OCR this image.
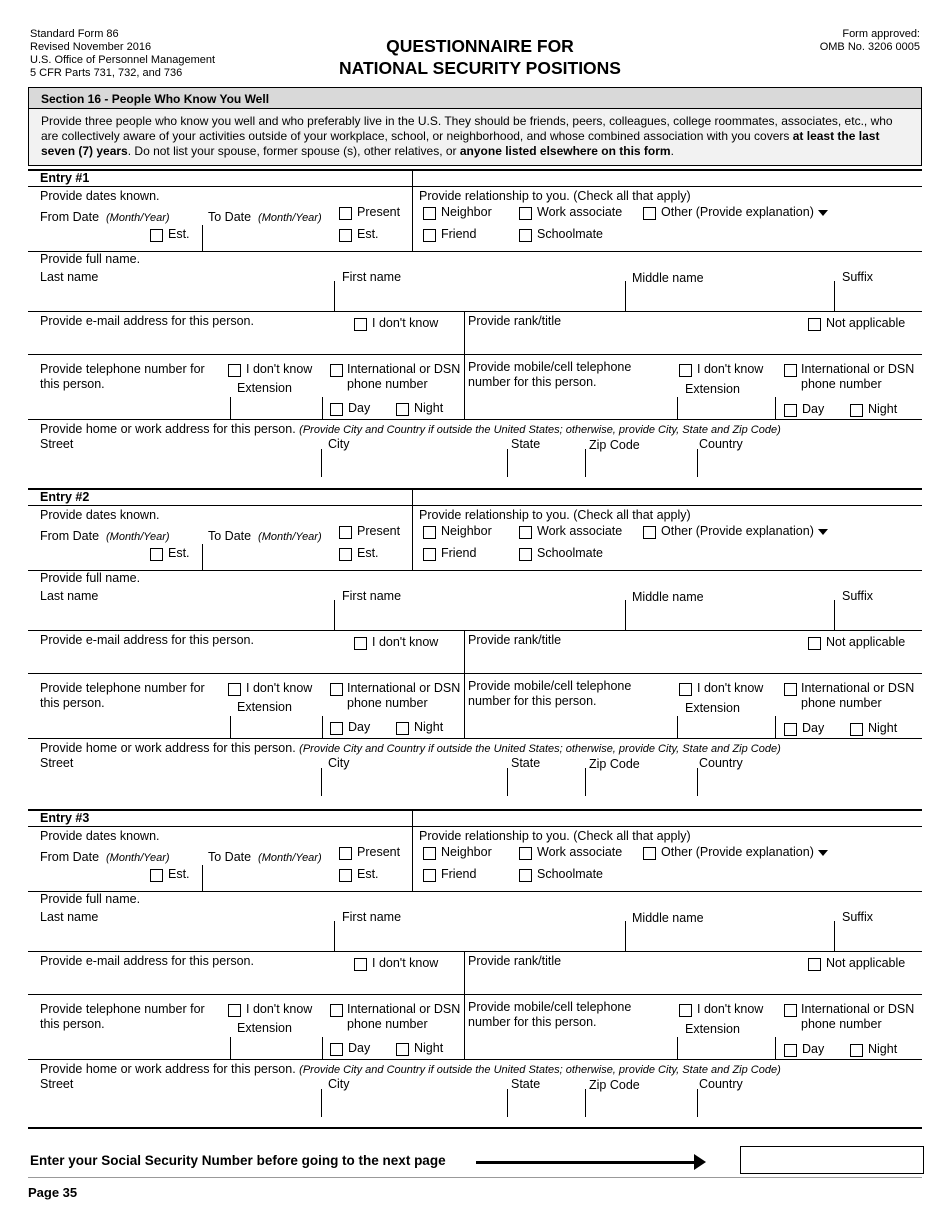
Standard Form 86
Revised November 2016
U.S. Office of Personnel Management
5 CFR Parts 731, 732, and 736
QUESTIONNAIRE FOR
NATIONAL SECURITY POSITIONS
Form approved:
OMB No. 3206 0005
Section 16 - People Who Know You Well
Provide three people who know you well and who preferably live in the U.S. They should be friends, peers, colleagues, college roommates, associates, etc., who are collectively aware of your activities outside of your workplace, school, or neighborhood, and whose combined association with you covers at least the last seven (7) years. Do not list your spouse, former spouse (s), other relatives, or anyone listed elsewhere on this form.
Entry #1
Provide dates known.
From Date (Month/Year)
Est.
To Date (Month/Year)	Present
Est.
Provide relationship to you. (Check all that apply)
Neighbor
Friend
Work associate
Schoolmate
Other (Provide explanation)
Provide full name.
Last name	First name	Middle name	Suffix
Provide e-mail address for this person.	I don't know Provide rank/title	Not applicable
Provide telephone number for
this person.
I don't know
Extension
International or DSN
phone number
Day	Night
Provide mobile/cell telephone
number for this person.
I don't know
Extension
International or DSN
phone number
Day	Night
Provide home or work address for this person. (Provide City and Country if outside the United States; otherwise, provide City, State and Zip Code)
Street	City	State	Zip Code	Country
Entry #2
Provide dates known.
From Date (Month/Year)
Est.
To Date (Month/Year)	Present
Est.
Provide relationship to you. (Check all that apply)
Neighbor
Friend
Work associate
Schoolmate
Other (Provide explanation)
Provide full name.
Last name	First name	Middle name	Suffix
Provide e-mail address for this person.	I don't know Provide rank/title	Not applicable
Provide telephone number for
this person.
I don't know
Extension
International or DSN
phone number
Day	Night
Provide mobile/cell telephone
number for this person.
I don't know
Extension
International or DSN
phone number
Day	Night
Provide home or work address for this person. (Provide City and Country if outside the United States; otherwise, provide City, State and Zip Code)
Street	City	State	Zip Code	Country
Entry #3
Provide dates known.
From Date (Month/Year)
Est.
To Date (Month/Year)	Present
Est.
Provide relationship to you. (Check all that apply)
Neighbor
Friend
Work associate
Schoolmate
Other (Provide explanation)
Provide full name.
Last name	First name	Middle name	Suffix
Provide e-mail address for this person.	I don't know Provide rank/title	Not applicable
Provide telephone number for
this person.
I don't know
Extension
International or DSN
phone number
Day	Night
Provide mobile/cell telephone
number for this person.
I don't know
Extension
International or DSN
phone number
Day	Night
Provide home or work address for this person. (Provide City and Country if outside the United States; otherwise, provide City, State and Zip Code)
Street	City	State	Zip Code	Country
Enter your Social Security Number before going to the next page
Page 35
